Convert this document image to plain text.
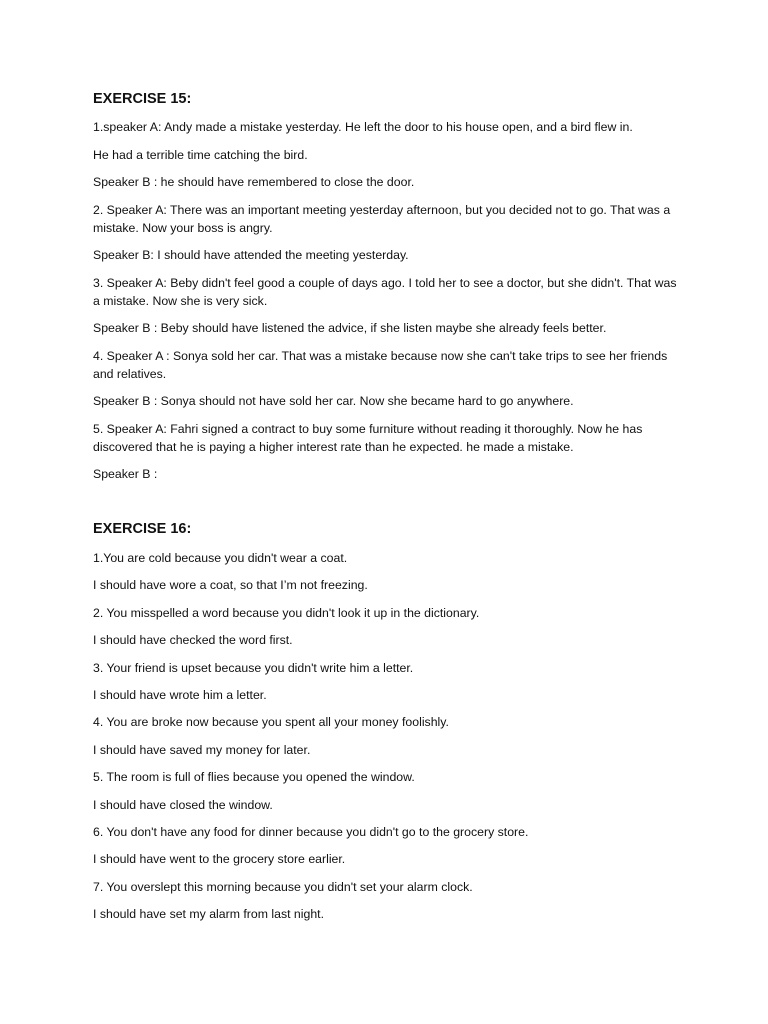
EXERCISE 15:
1.speaker A: Andy made a mistake yesterday. He left the door to his house open, and a bird flew in.
He had a terrible time catching the bird.
Speaker B : he should have remembered to close the door.
2. Speaker A: There was an important meeting yesterday afternoon, but you decided not to go. That was a mistake. Now your boss is angry.
Speaker B: I should have attended the meeting yesterday.
3. Speaker A: Beby didn't feel good a couple of days ago. I told her to see a doctor, but she didn't. That was a mistake. Now she is very sick.
Speaker B : Beby should have listened the advice, if she listen maybe she already feels better.
4. Speaker A : Sonya sold her car. That was a mistake because now she can't take trips to see her friends and relatives.
Speaker B : Sonya should not have sold her car. Now she became hard to go anywhere.
5. Speaker A: Fahri signed a contract to buy some furniture without reading it thoroughly. Now he has discovered that he is paying a higher interest rate than he expected. he made a mistake.
Speaker B :
EXERCISE 16:
1.You are cold because you didn't wear a coat.
I should have wore a coat, so that I’m not freezing.
2. You misspelled a word because you didn't look it up in the dictionary.
I should have checked the word first.
3. Your friend is upset because you didn't write him a letter.
I should have wrote him a letter.
4. You are broke now because you spent all your money foolishly.
I should have saved my money for later.
5. The room is full of flies because you opened the window.
I should have closed the window.
6. You don't have any food for dinner because you didn't go to the grocery store.
I should have went to the grocery store earlier.
7. You overslept this morning because you didn't set your alarm clock.
I should have set my alarm from last night.
